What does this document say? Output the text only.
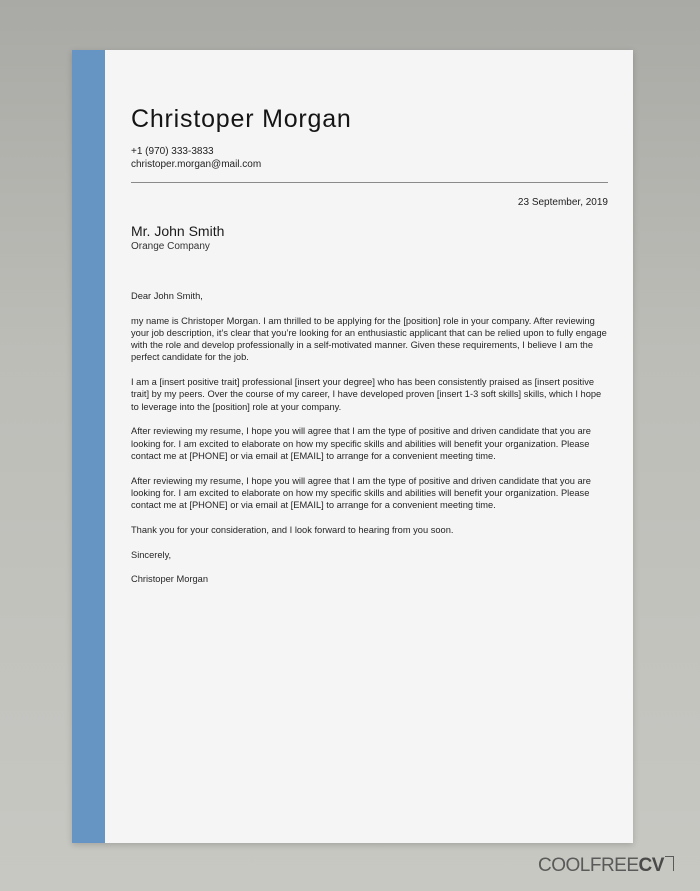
Christoper Morgan
+1 (970) 333-3833
christoper.morgan@mail.com
23 September, 2019
Mr. John Smith
Orange Company

Dear John Smith,

my name is Christoper Morgan. I am thrilled to be applying for the [position] role in your company. After reviewing your job description, it’s clear that you’re looking for an enthusiastic applicant that can be relied upon to fully engage with the role and develop professionally in a self-motivated manner. Given these requirements, I believe I am the perfect candidate for the job.

I am a [insert positive trait] professional [insert your degree] who has been consistently praised as [insert positive trait] by my peers. Over the course of my career, I have developed proven [insert 1-3 soft skills] skills, which I hope to leverage into the [position] role at your company.

After reviewing my resume, I hope you will agree that I am the type of positive and driven candidate that you are looking for. I am excited to elaborate on how my specific skills and abilities will benefit your organization. Please contact me at [PHONE] or via email at [EMAIL] to arrange for a convenient meeting time.

After reviewing my resume, I hope you will agree that I am the type of positive and driven candidate that you are looking for. I am excited to elaborate on how my specific skills and abilities will benefit your organization. Please contact me at [PHONE] or via email at [EMAIL] to arrange for a convenient meeting time.

Thank you for your consideration, and I look forward to hearing from you soon.

Sincerely,

Christoper Morgan

COOLFREECV
